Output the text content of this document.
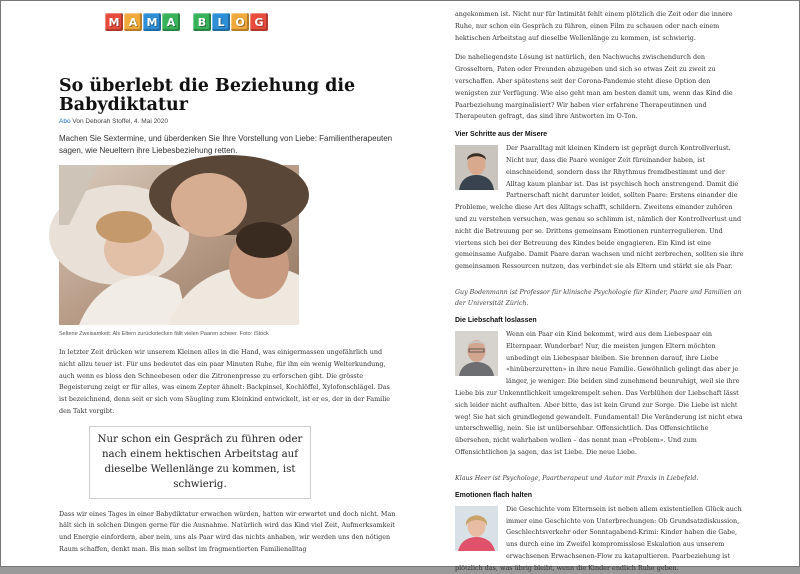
M A M A	B	L O G
So überlebt die Beziehung die Babydiktatur
Abo Von Deborah Stoffel, 4. Mai 2020

Machen Sie Sextermine, und überdenken Sie Ihre Vorstellung von Liebe: Familientherapeuten sagen, wie Neueltern ihre Liebesbeziehung retten.

Seltene Zweisamkeit: Als Eltern zurückstecken fällt vielen Paaren schwer. Foto: iStock

In letzter Zeit drücken wir unserem Kleinen alles in die Hand, was einigermassen ungefährlich und nicht allzu teuer ist. Für uns bedeutet das ein paar Minuten Ruhe, für ihn ein wenig Welterkundung, auch wenn es bloss den Schneebesen oder die Zitronenpresse zu erforschen gibt. Die grösste Begeisterung zeigt er für alles, was einem Zepter ähnelt: Backpinsel, Kochlöffel, Xylofonschlägel. Das ist bezeichnend, denn seit er sich vom Säugling zum Kleinkind entwickelt, ist er es, der in der Familie den Takt vorgibt.

Nur schon ein Gespräch zu führen oder nach einem hektischen Arbeitstag auf dieselbe Wellenlänge zu kommen, ist schwierig.

Dass wir eines Tages in einer Babydiktatur erwachen würden, hatten wir erwartet und doch nicht. Man hält sich in solchen Dingen gerne für die Ausnahme. Natürlich wird das Kind viel Zeit, Aufmerksamkeit und Energie einfordern, aber nein, uns als Paar wird das nichts anhaben, wir werden uns den nötigen Raum schaffen, denkt man. Bis man selbst im fragmentierten Familienalltag

angekommen ist. Nicht nur für Intimität fehlt einem plötzlich die Zeit oder die innere Ruhe, nur schon ein Gespräch zu führen, einen Film zu schauen oder nach einem hektischen Arbeitstag auf dieselbe Wellenlänge zu kommen, ist schwierig.

Die naheliegendste Lösung ist natürlich, den Nachwuchs zwischendurch den Grosseltern, Paten oder Freunden abzugeben und sich so etwas Zeit zu zweit zu verschaffen. Aber spätestens seit der Corona-Pandemie steht diese Option den wenigsten zur Verfügung. Wie also geht man am besten damit um, wenn das Kind die Paarbeziehung marginalisiert? Wir haben vier erfahrene Therapeutinnen und Therapeuten gefragt, das sind ihre Antworten im O-Ton.

Vier Schritte aus der Misere

Der Paaralltag mit kleinen Kindern ist geprägt durch Kontrollverlust. Nicht nur, dass die Paare weniger Zeit füreinander haben, ist einschneidend, sondern dass ihr Rhythmus fremdbestimmt und der Alltag kaum planbar ist. Das ist psychisch hoch anstrengend. Damit die Partnerschaft nicht darunter leidet, sollten Paare: Erstens einander die Probleme, welche diese Art des Alltags schafft, schildern. Zweitens einander zuhören und zu verstehen versuchen, was genau so schlimm ist, nämlich der Kontrollverlust und nicht die Betreuung per se. Drittens gemeinsam Emotionen runterregulieren. Und viertens sich bei der Betreuung des Kindes beide engagieren. Ein Kind ist eine gemeinsame Aufgabe. Damit Paare daran wachsen und nicht zerbrechen, sollten sie ihre gemeinsamen Ressourcen nutzen, das verbindet sie als Eltern und stärkt sie als Paar.

Guy Bodenmann ist Professor für klinische Psychologie für Kinder, Paare und Familien an der Universität Zürich.

Die Liebschaft loslassen

Wenn ein Paar ein Kind bekommt, wird aus dem Liebespaar ein Elternpaar. Wunderbar! Nur, die meisten jungen Eltern möchten unbedingt ein Liebespaar bleiben. Sie brennen darauf, ihre Liebe «hinüberzuretten» in ihre neue Familie. Gewöhnlich gelingt das aber je länger, je weniger. Die beiden sind zunehmend beunruhigt, weil sie ihre Liebe bis zur Unkenntlichkeit umgekrempelt sehen. Das Verblühen der Liebschaft lässt sich leider nicht aufhalten. Aber bitte, das ist kein Grund zur Sorge. Die Liebe ist nicht weg! Sie hat sich grundlegend gewandelt. Fundamental! Die Veränderung ist nicht etwa unterschwellig, nein. Sie ist unübersehbar. Offensichtlich. Das Offensichtliche übersehen, nicht wahrhaben wollen – das nennt man «Problem». Und zum Offensichtlichen ja sagen, das ist Liebe. Die neue Liebe.

Klaus Heer ist Psychologe, Paartherapeut und Autor mit Praxis in Liebefeld.

Emotionen flach halten

Die Geschichte vom Elternsein ist neben allem existentiellen Glück auch immer eine Geschichte von Unterbrechungen: Ob Grundsatzdiskussion, Geschlechtsverkehr oder Sonntagabend-Krimi: Kinder haben die Gabe, uns durch eine im Zweifel kompromisslose Eskalation aus unserem erwachsenen Erwachsenen-Flow zu katapultieren. Paarbeziehung ist plötzlich das, was übrig bleibt, wenn die Kinder endlich Ruhe geben.
